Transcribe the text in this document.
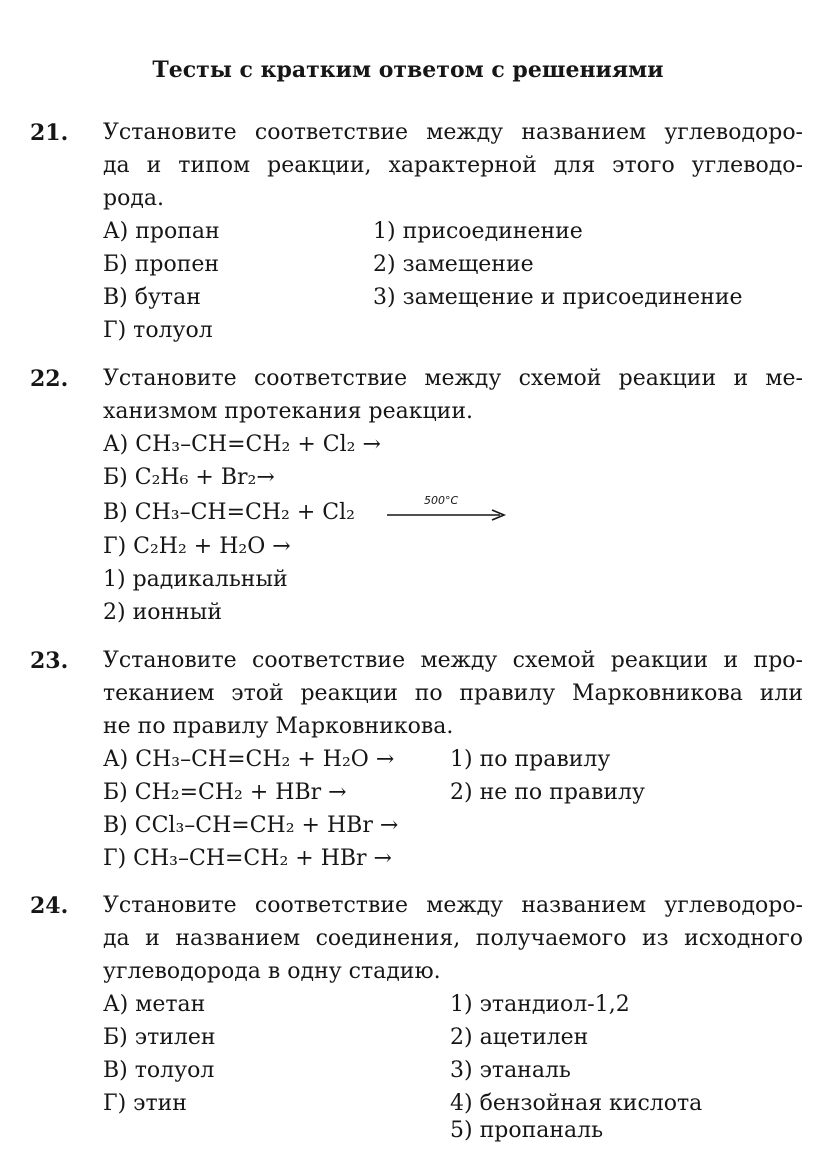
Тесты с кратким ответом с решениями
21. Установите соответствие между названием углеводоро-
да и типом реакции, характерной для этого углеводо-
рода.
А) пропан
Б) пропен
В) бутан
Г) толуол
1) присоединение
2) замещение
3) замещение и присоединение
22. Установите соответствие между схемой реакции и ме-
ханизмом протекания реакции.
А) CH₃–CH=CH₂ + Cl₂ →
Б) C₂H₆ + Br₂→
В) CH₃–CH=CH₂ + Cl₂	500°C
Г) C₂H₂ + H₂O →
1) радикальный
2) ионный
23. Установите соответствие между схемой реакции и про-
теканием этой реакции по правилу Марковникова или
не по правилу Марковникова.
А) CH₃–CH=CH₂ + H₂O →
Б) CH₂=CH₂ + HBr →
В) CCl₃–CH=CH₂ + HBr →
Г) CH₃–CH=CH₂ + HBr →
1) по правилу
2) не по правилу
24. Установите соответствие между названием углеводоро-
да и названием соединения, получаемого из исходного
углеводорода в одну стадию.
А) метан
Б) этилен
В) толуол
Г) этин
1) этандиол-1,2
2) ацетилен
3) этаналь
4) бензойная кислота
5) пропаналь
